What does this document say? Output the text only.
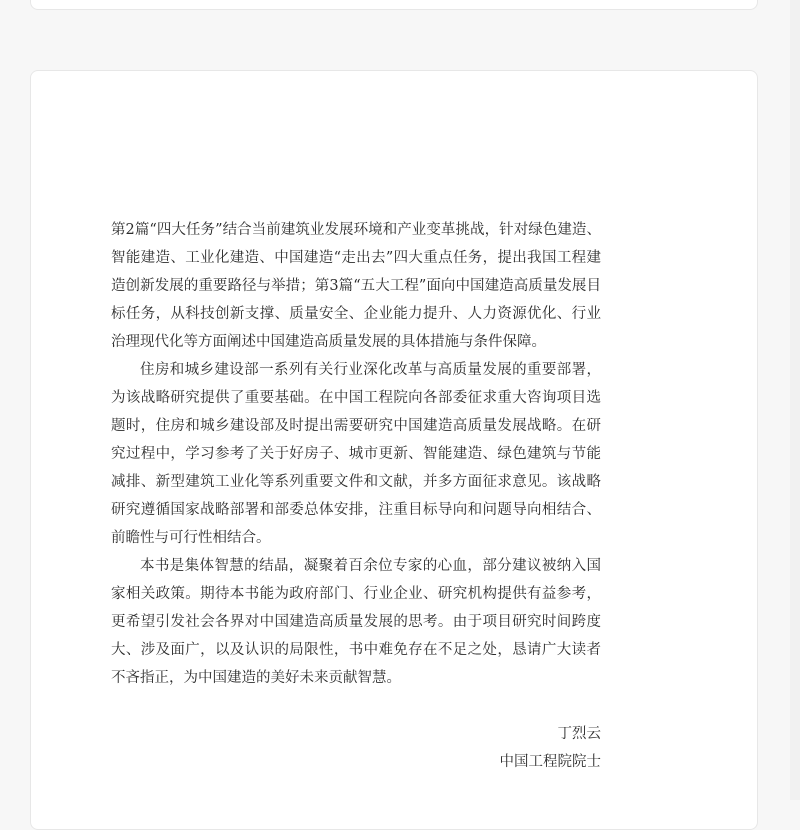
第2篇“四大任务”结合当前建筑业发展环境和产业变革挑战，针对绿色建造、智能建造、工业化建造、中国建造“走出去”四大重点任务，提出我国工程建造创新发展的重要路径与举措；第3篇“五大工程”面向中国建造高质量发展目标任务，从科技创新支撑、质量安全、企业能力提升、人力资源优化、行业治理现代化等方面阐述中国建造高质量发展的具体措施与条件保障。

住房和城乡建设部一系列有关行业深化改革与高质量发展的重要部署，为该战略研究提供了重要基础。在中国工程院向各部委征求重大咨询项目选题时，住房和城乡建设部及时提出需要研究中国建造高质量发展战略。在研究过程中，学习参考了关于好房子、城市更新、智能建造、绿色建筑与节能减排、新型建筑工业化等系列重要文件和文献，并多方面征求意见。该战略研究遵循国家战略部署和部委总体安排，注重目标导向和问题导向相结合、前瞻性与可行性相结合。

本书是集体智慧的结晶，凝聚着百余位专家的心血，部分建议被纳入国家相关政策。期待本书能为政府部门、行业企业、研究机构提供有益参考，更希望引发社会各界对中国建造高质量发展的思考。由于项目研究时间跨度大、涉及面广，以及认识的局限性，书中难免存在不足之处，恳请广大读者不吝指正，为中国建造的美好未来贡献智慧。

丁烈云
中国工程院院士
